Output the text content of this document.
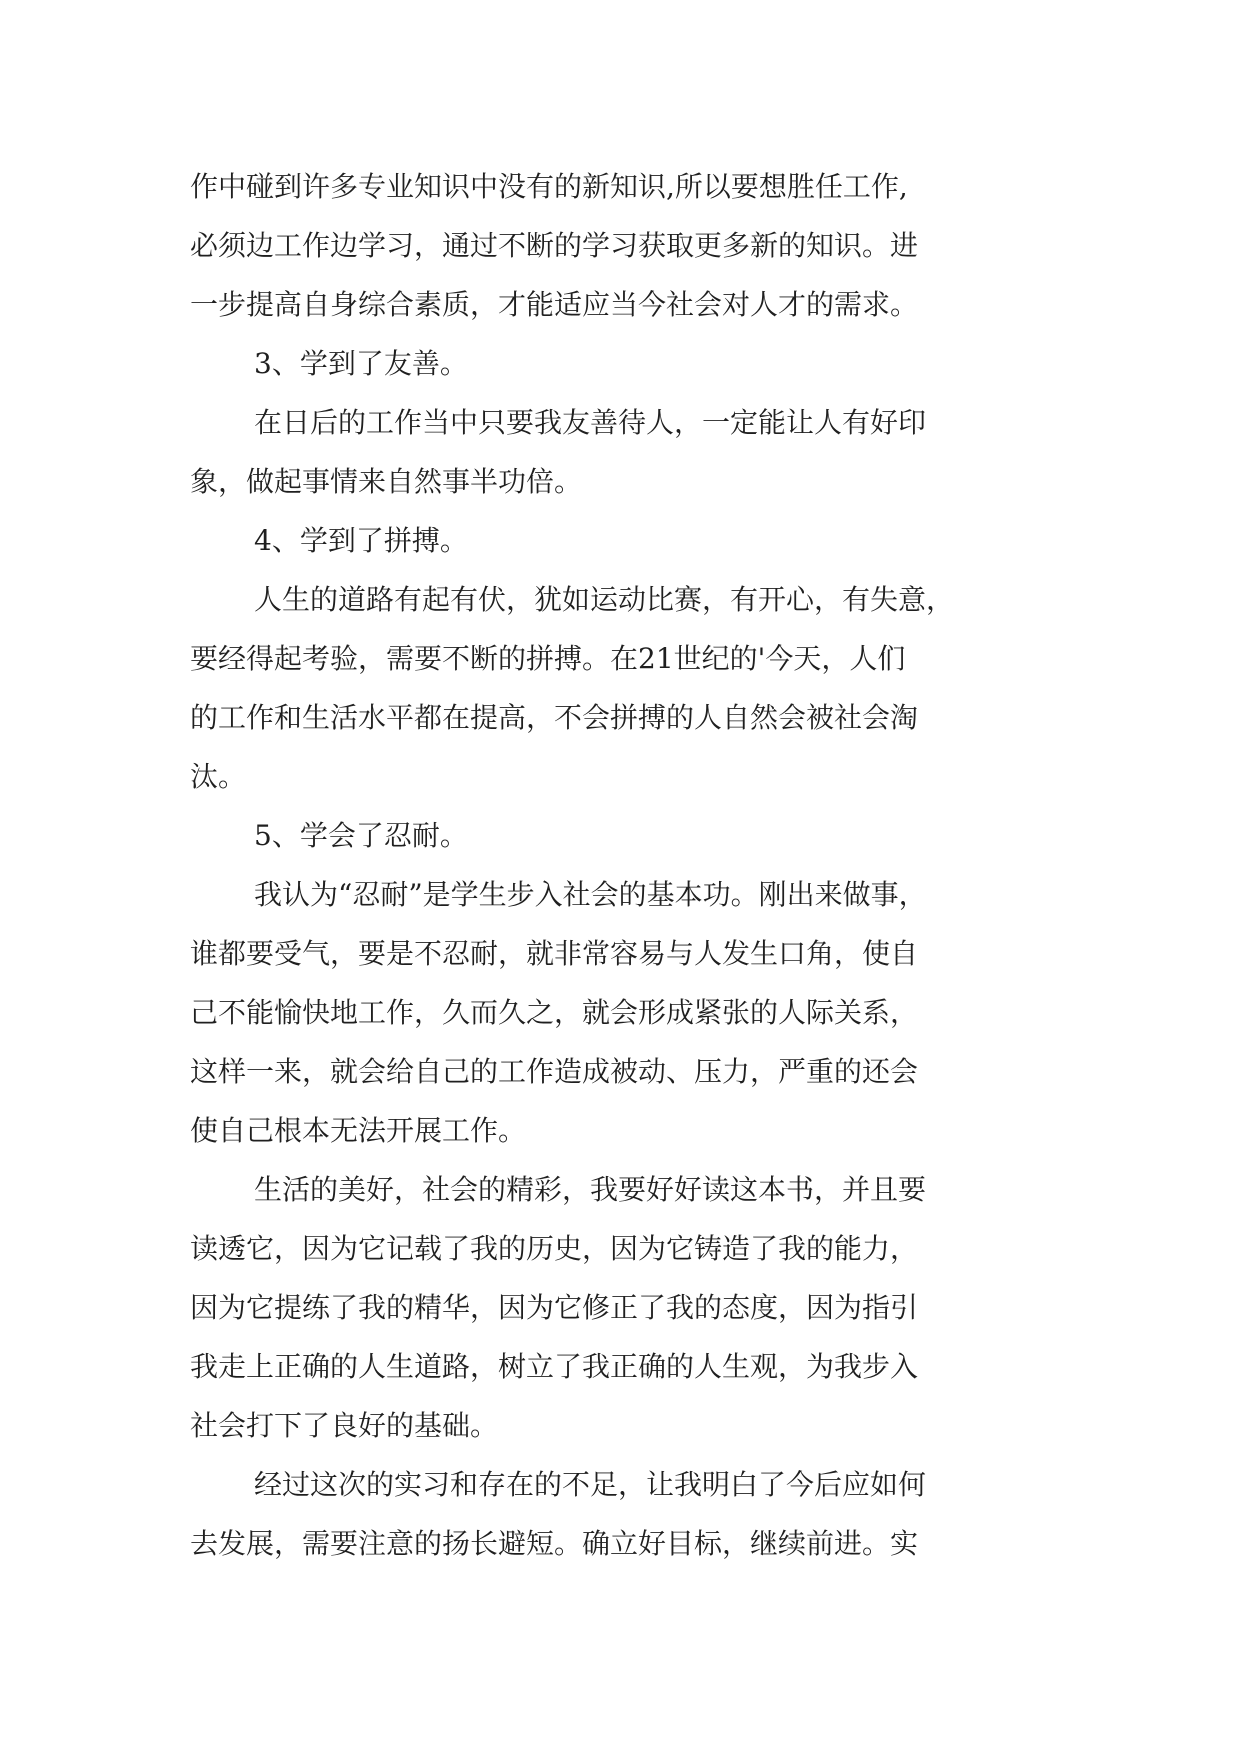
作中碰到许多专业知识中没有的新知识,所以要想胜任工作,
必须边工作边学习，通过不断的学习获取更多新的知识。进
一步提高自身综合素质，才能适应当今社会对人才的需求。
3、学到了友善。
在日后的工作当中只要我友善待人，一定能让人有好印
象，做起事情来自然事半功倍。
4、学到了拼搏。
人生的道路有起有伏，犹如运动比赛，有开心，有失意，
要经得起考验，需要不断的拼搏。在21世纪的'今天，人们
的工作和生活水平都在提高，不会拼搏的人自然会被社会淘
汰。
5、学会了忍耐。
我认为“忍耐”是学生步入社会的基本功。刚出来做事，
谁都要受气，要是不忍耐，就非常容易与人发生口角，使自
己不能愉快地工作，久而久之，就会形成紧张的人际关系，
这样一来，就会给自己的工作造成被动、压力，严重的还会
使自己根本无法开展工作。
生活的美好，社会的精彩，我要好好读这本书，并且要
读透它，因为它记载了我的历史，因为它铸造了我的能力，
因为它提练了我的精华，因为它修正了我的态度，因为指引
我走上正确的人生道路，树立了我正确的人生观，为我步入
社会打下了良好的基础。
经过这次的实习和存在的不足，让我明白了今后应如何
去发展，需要注意的扬长避短。确立好目标，继续前进。实
